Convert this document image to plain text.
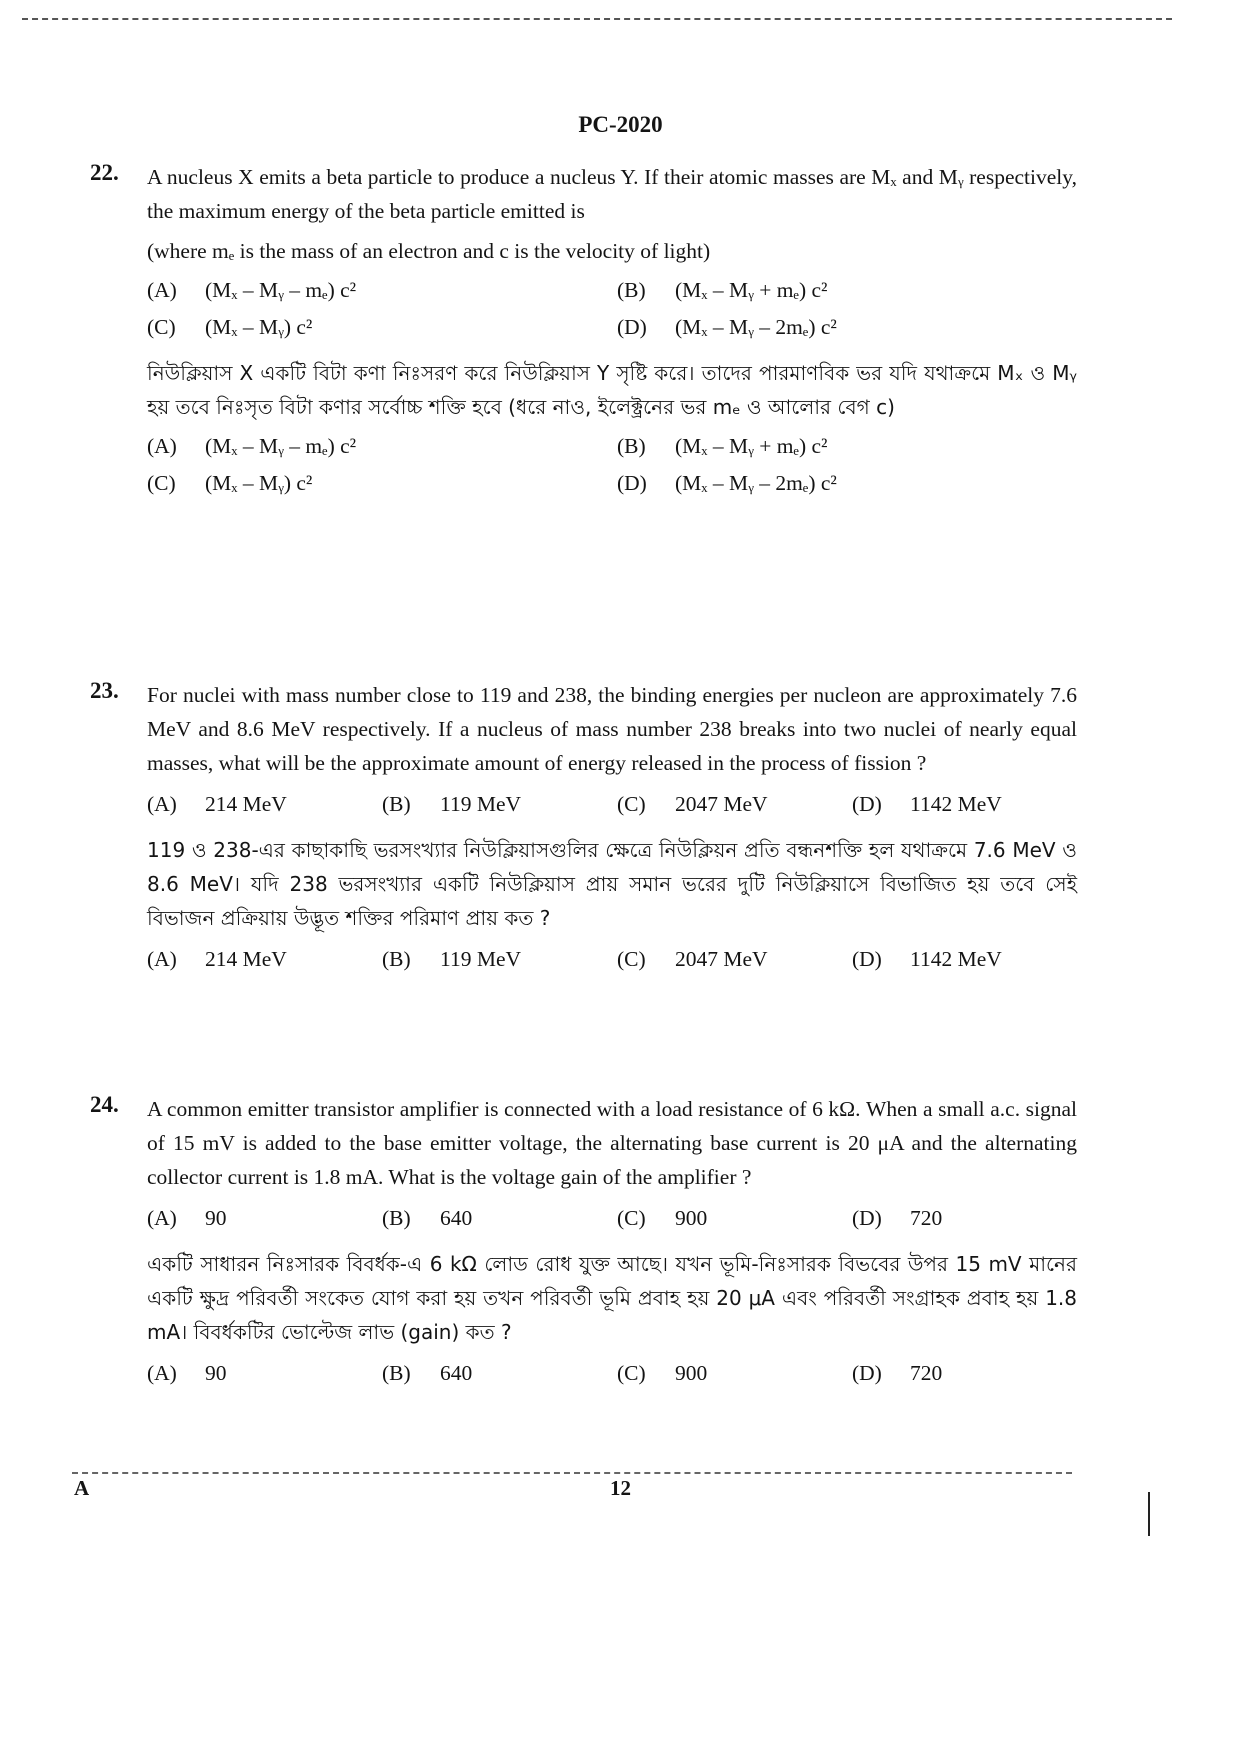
PC-2020
22. A nucleus X emits a beta particle to produce a nucleus Y. If their atomic masses are Mₓ and Mᵧ respectively, the maximum energy of the beta particle emitted is

(where mₑ is the mass of an electron and c is the velocity of light)

(A) (Mₓ – Mᵧ – mₑ) c²	(B) (Mₓ – Mᵧ + mₑ) c²
(C) (Mₓ – Mᵧ) c²	(D) (Mₓ – Mᵧ – 2mₑ) c²

নিউক্লিয়াস X একটি বিটা কণা নিঃসরণ করে নিউক্লিয়াস Y সৃষ্টি করে। তাদের পারমাণবিক ভর যদি যথাক্রমে Mₓ ও Mᵧ হয় তবে নিঃসৃত বিটা কণার সর্বোচ্চ শক্তি হবে (ধরে নাও, ইলেক্ট্রনের ভর mₑ ও আলোর বেগ c)

(A) (Mₓ – Mᵧ – mₑ) c²	(B) (Mₓ – Mᵧ + mₑ) c²
(C) (Mₓ – Mᵧ) c²	(D) (Mₓ – Mᵧ – 2mₑ) c²
23. For nuclei with mass number close to 119 and 238, the binding energies per nucleon are approximately 7.6 MeV and 8.6 MeV respectively. If a nucleus of mass number 238 breaks into two nuclei of nearly equal masses, what will be the approximate amount of energy released in the process of fission ?

(A) 214 MeV	(B) 119 MeV	(C) 2047 MeV	(D) 1142 MeV

119 ও 238-এর কাছাকাছি ভরসংখ্যার নিউক্লিয়াসগুলির ক্ষেত্রে নিউক্লিয়ন প্রতি বন্ধনশক্তি হল যথাক্রমে 7.6 MeV ও 8.6 MeV। যদি 238 ভরসংখ্যার একটি নিউক্লিয়াস প্রায় সমান ভরের দুটি নিউক্লিয়াসে বিভাজিত হয় তবে সেই বিভাজন প্রক্রিয়ায় উদ্ভূত শক্তির পরিমাণ প্রায় কত ?

(A) 214 MeV	(B) 119 MeV	(C) 2047 MeV	(D) 1142 MeV
24. A common emitter transistor amplifier is connected with a load resistance of 6 kΩ. When a small a.c. signal of 15 mV is added to the base emitter voltage, the alternating base current is 20 μA and the alternating collector current is 1.8 mA. What is the voltage gain of the amplifier ?

(A) 90	(B) 640	(C) 900	(D) 720

একটি সাধারন নিঃসারক বিবর্ধক-এ 6 kΩ লোড রোধ যুক্ত আছে। যখন ভূমি-নিঃসারক বিভবের উপর 15 mV মানের একটি ক্ষুদ্র পরিবর্তী সংকেত যোগ করা হয় তখন পরিবর্তী ভূমি প্রবাহ হয় 20 μA এবং পরিবর্তী সংগ্রাহক প্রবাহ হয় 1.8 mA। বিবর্ধকটির ভোল্টেজ লাভ (gain) কত ?

(A) 90	(B) 640	(C) 900	(D) 720
A	12
